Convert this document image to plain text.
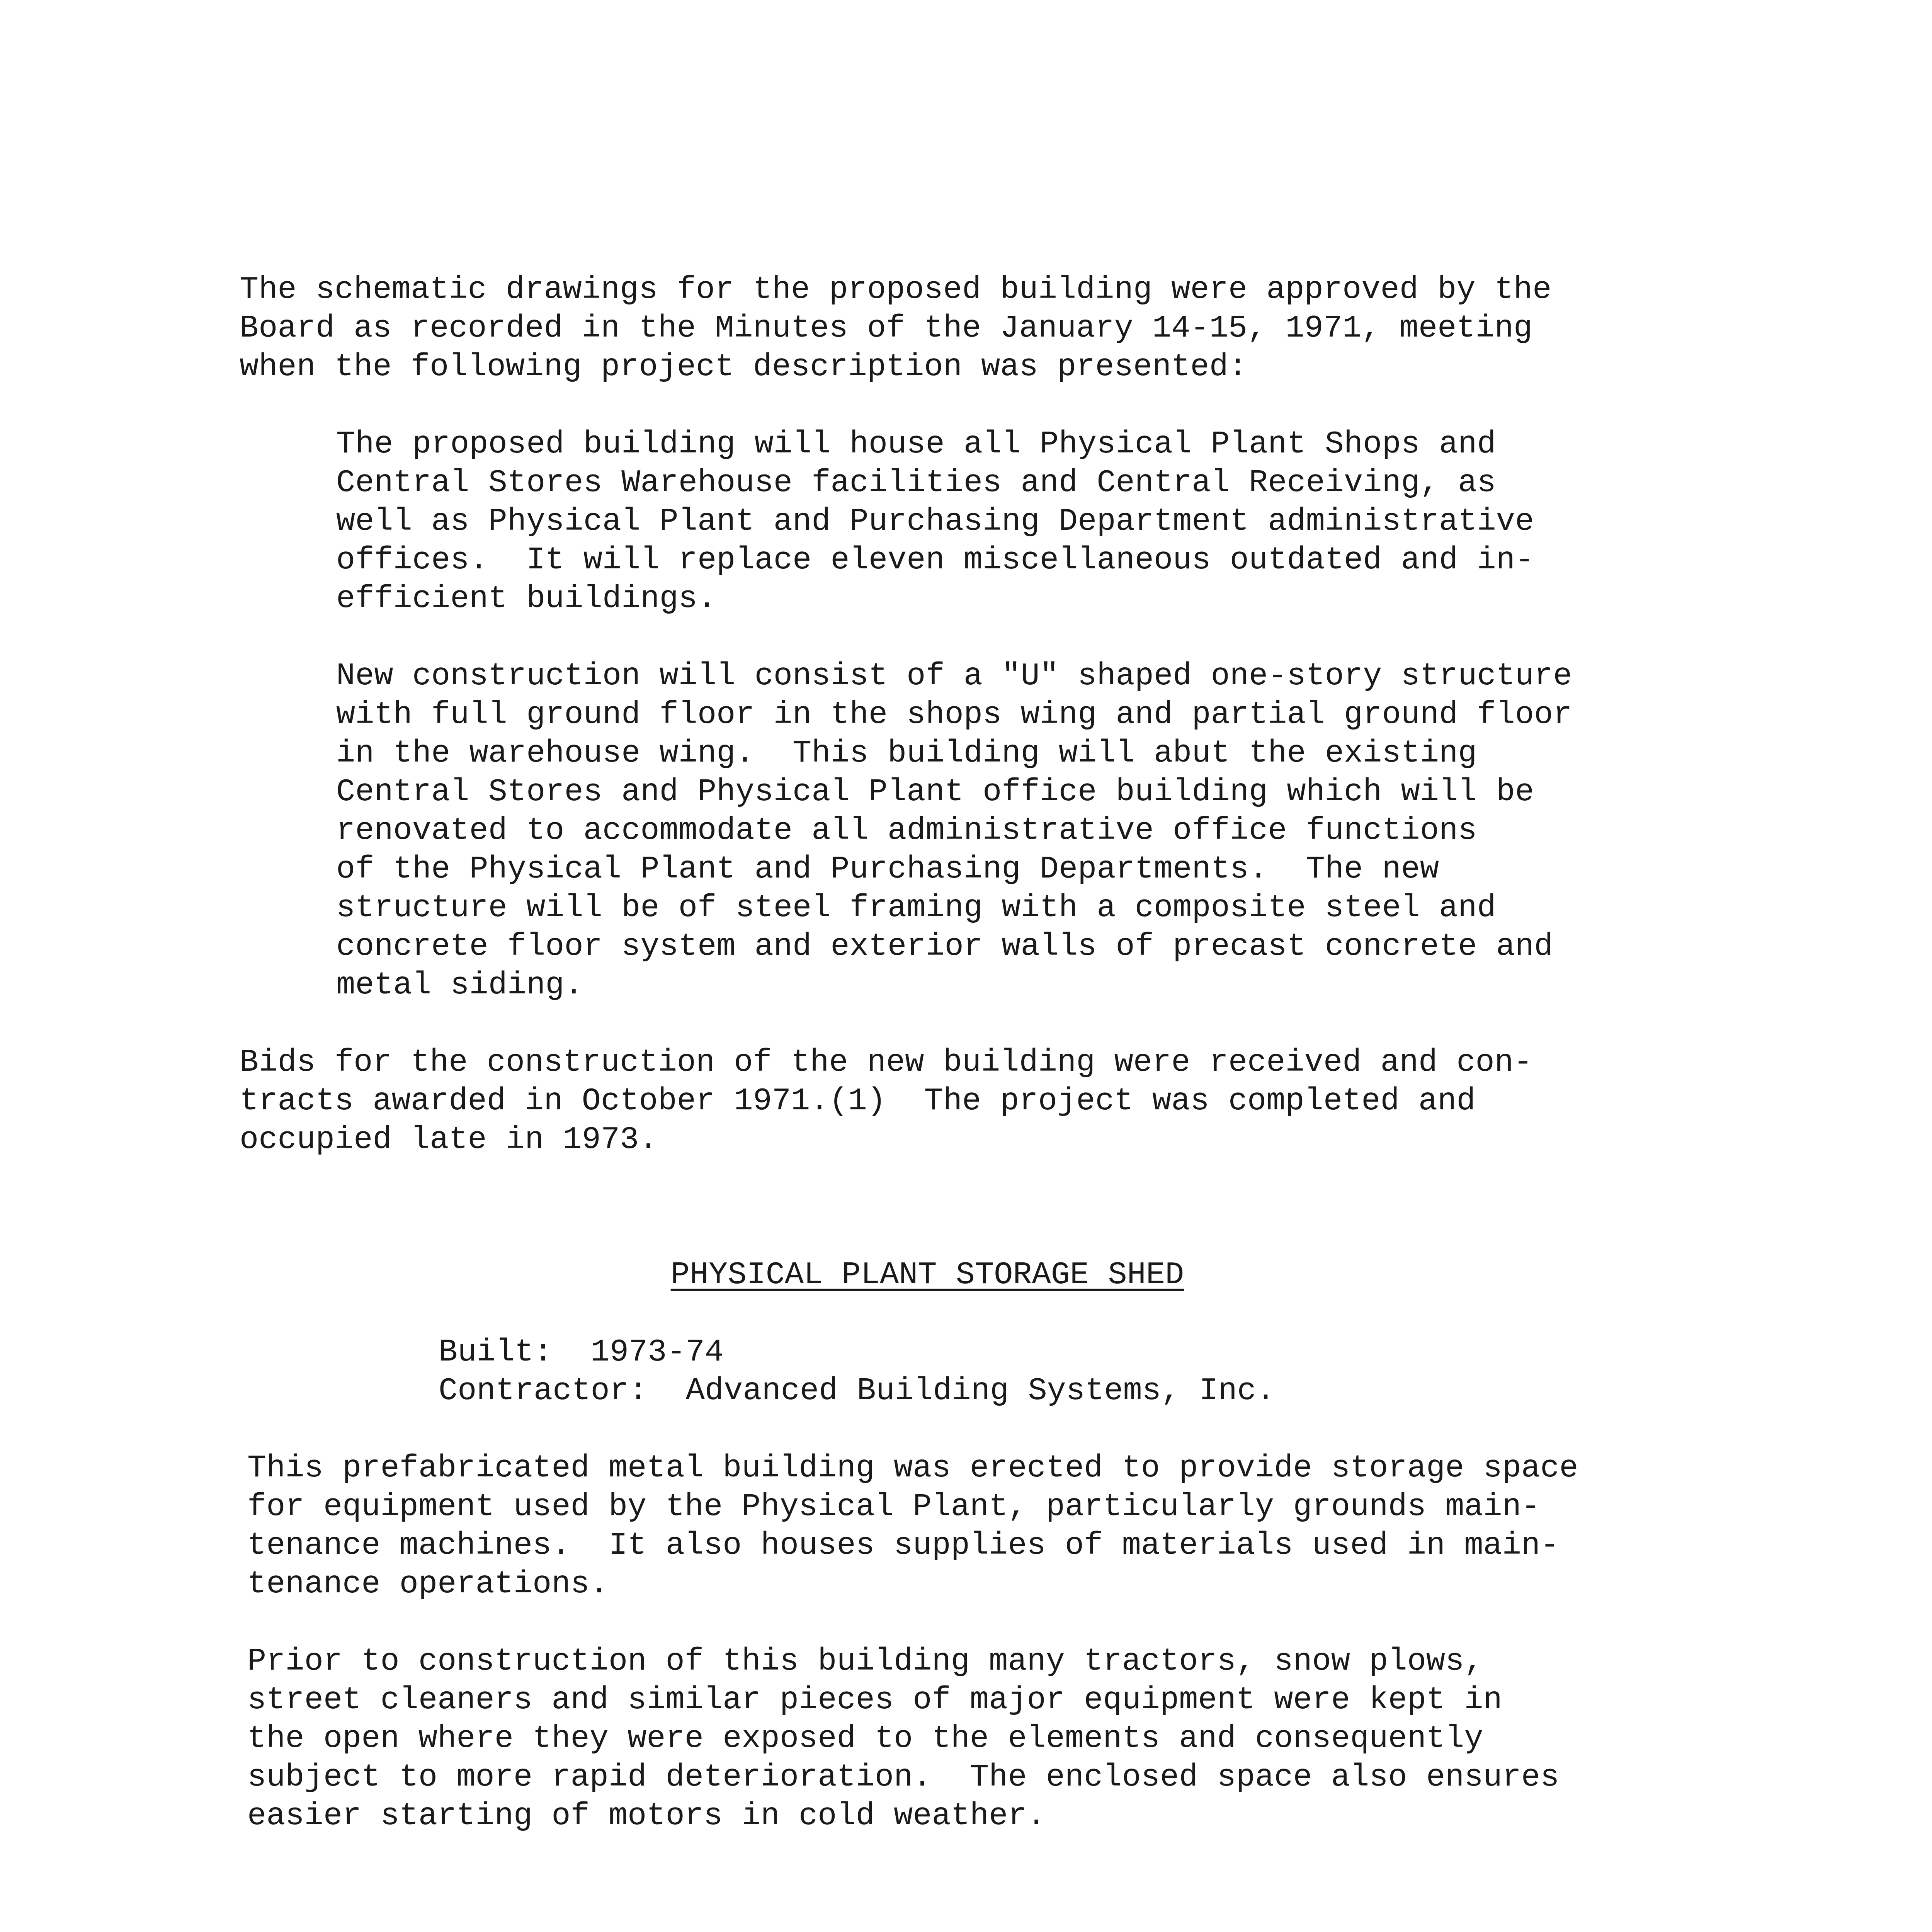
The schematic drawings for the proposed building were approved by the
Board as recorded in the Minutes of the January 14-15, 1971, meeting
when the following project description was presented:
The proposed building will house all Physical Plant Shops and
Central Stores Warehouse facilities and Central Receiving, as
well as Physical Plant and Purchasing Department administrative
offices.  It will replace eleven miscellaneous outdated and in-
efficient buildings.
New construction will consist of a "U" shaped one-story structure
with full ground floor in the shops wing and partial ground floor
in the warehouse wing.  This building will abut the existing
Central Stores and Physical Plant office building which will be
renovated to accommodate all administrative office functions
of the Physical Plant and Purchasing Departments.  The new
structure will be of steel framing with a composite steel and
concrete floor system and exterior walls of precast concrete and
metal siding.
Bids for the construction of the new building were received and con-
tracts awarded in October 1971.(1)  The project was completed and
occupied late in 1973.
PHYSICAL PLANT STORAGE SHED
Built:  1973-74
Contractor:  Advanced Building Systems, Inc.
This prefabricated metal building was erected to provide storage space
for equipment used by the Physical Plant, particularly grounds main-
tenance machines.  It also houses supplies of materials used in main-
tenance operations.
Prior to construction of this building many tractors, snow plows,
street cleaners and similar pieces of major equipment were kept in
the open where they were exposed to the elements and consequently
subject to more rapid deterioration.  The enclosed space also ensures
easier starting of motors in cold weather.
